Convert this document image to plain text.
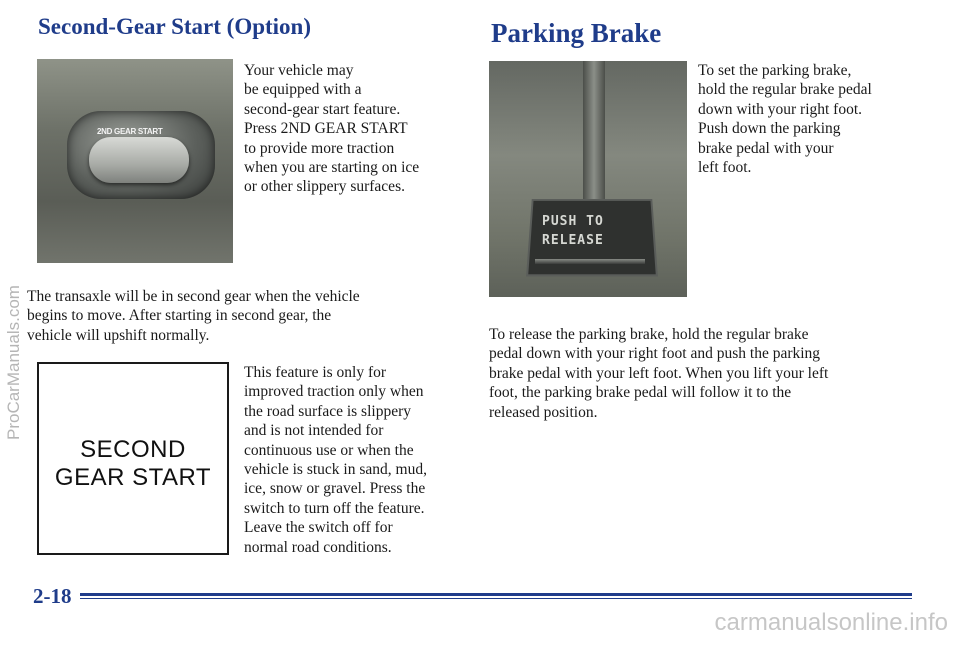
Second-Gear Start (Option)	Parking Brake
2ND GEAR START
Your vehicle may
be equipped with a
second-gear start feature.
Press 2ND GEAR START
to provide more traction
when you are starting on ice
or other slippery surfaces.
The transaxle will be in second gear when the vehicle
begins to move. After starting in second gear, the
vehicle will upshift normally.
SECOND
GEAR START
This feature is only for
improved traction only when
the road surface is slippery
and is not intended for
continuous use or when the
vehicle is stuck in sand, mud,
ice, snow or gravel. Press the
switch to turn off the feature.
Leave the switch off for
normal road conditions.
PUSH TO
RELEASE
To set the parking brake,
hold the regular brake pedal
down with your right foot.
Push down the parking
brake pedal with your
left foot.
To release the parking brake, hold the regular brake
pedal down with your right foot and push the parking
brake pedal with your left foot. When you lift your left
foot, the parking brake pedal will follow it to the
released position.
2-18
ProCarManuals.com
carmanualsonline.info
